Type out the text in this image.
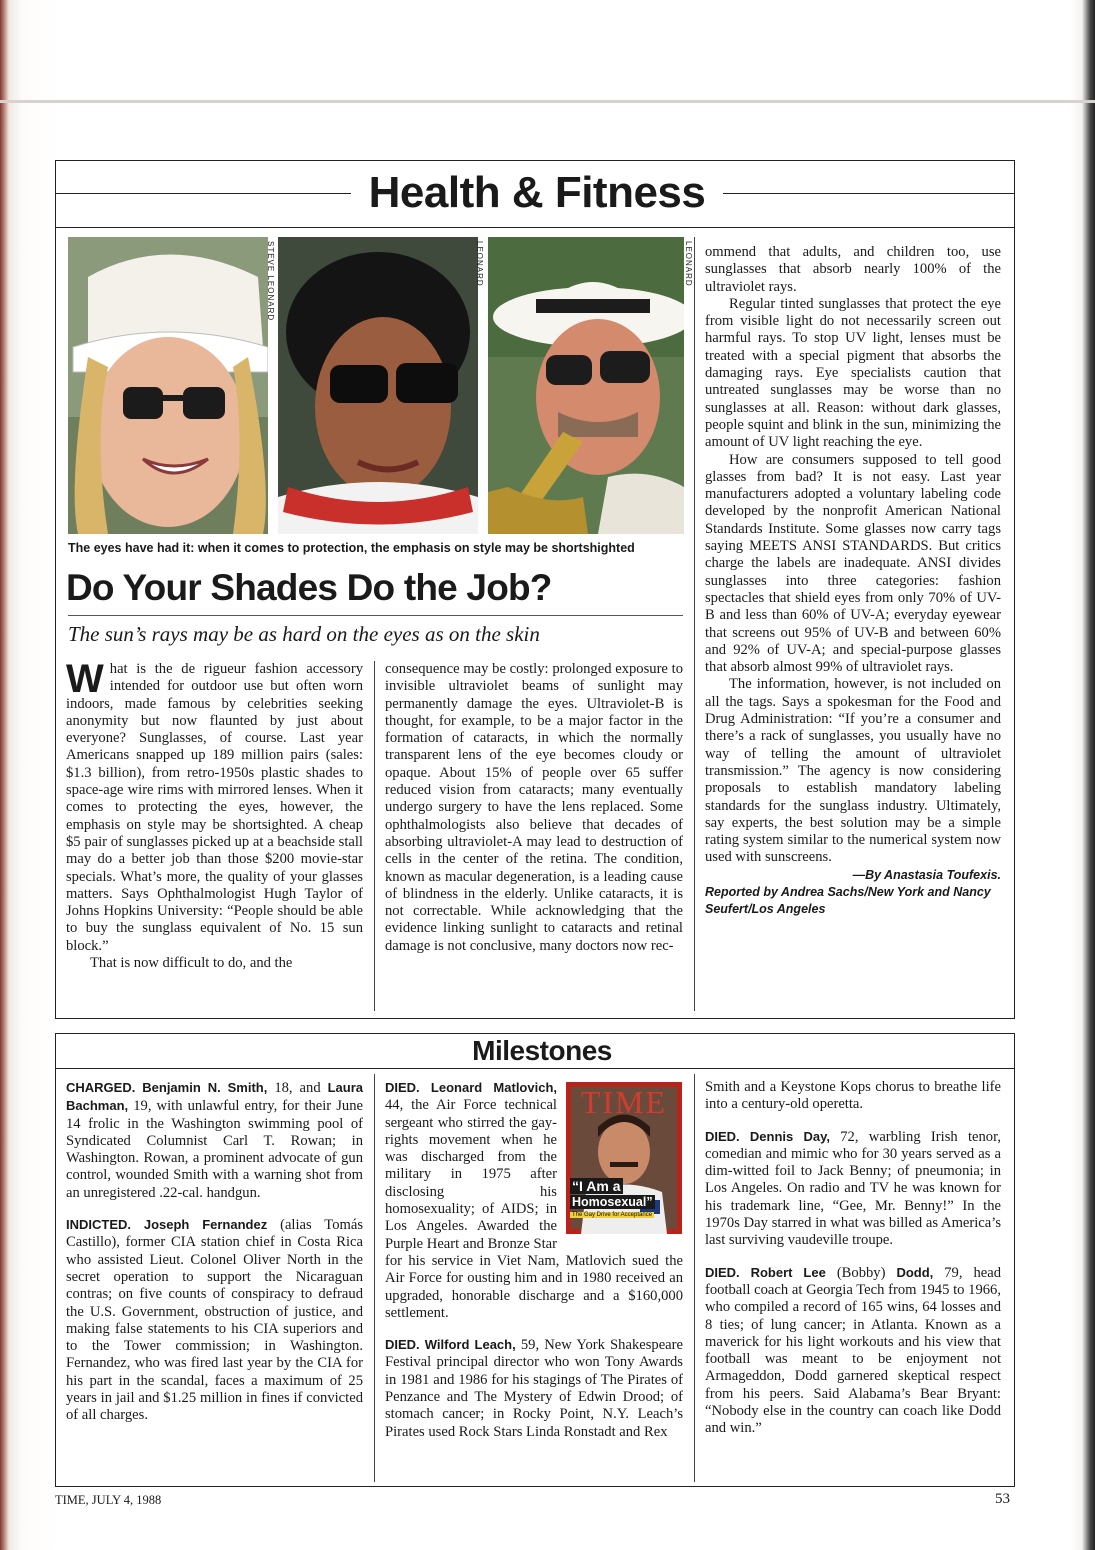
Health & Fitness
STEVE LEONARD	LEONARD	LEONARD
The eyes have had it: when it comes to protection, the emphasis on style may be shortshighted
Do Your Shades Do the Job?
The sun’s rays may be as hard on the eyes as on the skin

What is the de rigueur fashion accessory intended for outdoor use but often worn indoors, made famous by celebrities seeking anonymity but now flaunted by just about everyone? Sunglasses, of course. Last year Americans snapped up 189 million pairs (sales: $1.3 billion), from retro-1950s plastic shades to space-age wire rims with mirrored lenses. When it comes to protecting the eyes, however, the emphasis on style may be shortsighted. A cheap $5 pair of sunglasses picked up at a beachside stall may do a better job than those $200 movie-star specials. What’s more, the quality of your glasses matters. Says Ophthalmologist Hugh Taylor of Johns Hopkins University: “People should be able to buy the sunglass equivalent of No. 15 sun block.”

That is now difficult to do, and the

consequence may be costly: prolonged exposure to invisible ultraviolet beams of sunlight may permanently damage the eyes. Ultraviolet-B is thought, for example, to be a major factor in the formation of cataracts, in which the normally transparent lens of the eye becomes cloudy or opaque. About 15% of people over 65 suffer reduced vision from cataracts; many eventually undergo surgery to have the lens replaced. Some ophthalmologists also believe that decades of absorbing ultraviolet-A may lead to destruction of cells in the center of the retina. The condition, known as macular degeneration, is a leading cause of blindness in the elderly. Unlike cataracts, it is not correctable. While acknowledging that the evidence linking sunlight to cataracts and retinal damage is not conclusive, many doctors now rec-

ommend that adults, and children too, use sunglasses that absorb nearly 100% of the ultraviolet rays.

Regular tinted sunglasses that protect the eye from visible light do not necessarily screen out harmful rays. To stop UV light, lenses must be treated with a special pigment that absorbs the damaging rays. Eye specialists caution that untreated sunglasses may be worse than no sunglasses at all. Reason: without dark glasses, people squint and blink in the sun, minimizing the amount of UV light reaching the eye.

How are consumers supposed to tell good glasses from bad? It is not easy. Last year manufacturers adopted a voluntary labeling code developed by the nonprofit American National Standards Institute. Some glasses now carry tags saying MEETS ANSI STANDARDS. But critics charge the labels are inadequate. ANSI divides sunglasses into three categories: fashion spectacles that shield eyes from only 70% of UV-B and less than 60% of UV-A; everyday eyewear that screens out 95% of UV-B and between 60% and 92% of UV-A; and special-purpose glasses that absorb almost 99% of ultraviolet rays.

The information, however, is not included on all the tags. Says a spokesman for the Food and Drug Administration: “If you’re a consumer and there’s a rack of sunglasses, you usually have no way of telling the amount of ultraviolet transmission.” The agency is now considering proposals to establish mandatory labeling standards for the sunglass industry. Ultimately, say experts, the best solution may be a simple rating system similar to the numerical system now used with sunscreens.
—By Anastasia Toufexis.

Reported by Andrea Sachs/New York and Nancy Seufert/Los Angeles

Milestones

CHARGED. Benjamin N. Smith, 18, and Laura Bachman, 19, with unlawful entry, for their June 14 frolic in the Washington swimming pool of Syndicated Columnist Carl T. Rowan; in Washington. Rowan, a prominent advocate of gun control, wounded Smith with a warning shot from an unregistered .22-cal. handgun.

INDICTED. Joseph Fernandez (alias Tomás Castillo), former CIA station chief in Costa Rica who assisted Lieut. Colonel Oliver North in the secret operation to support the Nicaraguan contras; on five counts of conspiracy to defraud the U.S. Government, obstruction of justice, and making false statements to his CIA superiors and to the Tower commission; in Washington. Fernandez, who was fired last year by the CIA for his part in the scandal, faces a maximum of 25 years in jail and $1.25 million in fines if convicted of all charges.

TIME
“I Am a
Homosexual”
The Gay Drive for Acceptance

DIED. Leonard Matlovich, 44, the Air Force technical sergeant who stirred the gay-rights movement when he was discharged from the military in 1975 after disclosing his homosexuality; of AIDS; in Los Angeles. Awarded the Purple Heart and Bronze Star for his service in Viet Nam, Matlovich sued the Air Force for ousting him and in 1980 received an upgraded, honorable discharge and a $160,000 settlement.

DIED. Wilford Leach, 59, New York Shakespeare Festival principal director who won Tony Awards in 1981 and 1986 for his stagings of The Pirates of Penzance and The Mystery of Edwin Drood; of stomach cancer; in Rocky Point, N.Y. Leach’s Pirates used Rock Stars Linda Ronstadt and Rex

Smith and a Keystone Kops chorus to breathe life into a century-old operetta.

DIED. Dennis Day, 72, warbling Irish tenor, comedian and mimic who for 30 years served as a dim-witted foil to Jack Benny; of pneumonia; in Los Angeles. On radio and TV he was known for his trademark line, “Gee, Mr. Benny!” In the 1970s Day starred in what was billed as America’s last surviving vaudeville troupe.

DIED. Robert Lee (Bobby) Dodd, 79, head football coach at Georgia Tech from 1945 to 1966, who compiled a record of 165 wins, 64 losses and 8 ties; of lung cancer; in Atlanta. Known as a maverick for his light workouts and his view that football was meant to be enjoyment not Armageddon, Dodd garnered skeptical respect from his peers. Said Alabama’s Bear Bryant: “Nobody else in the country can coach like Dodd and win.”

TIME, JULY 4, 1988	53
